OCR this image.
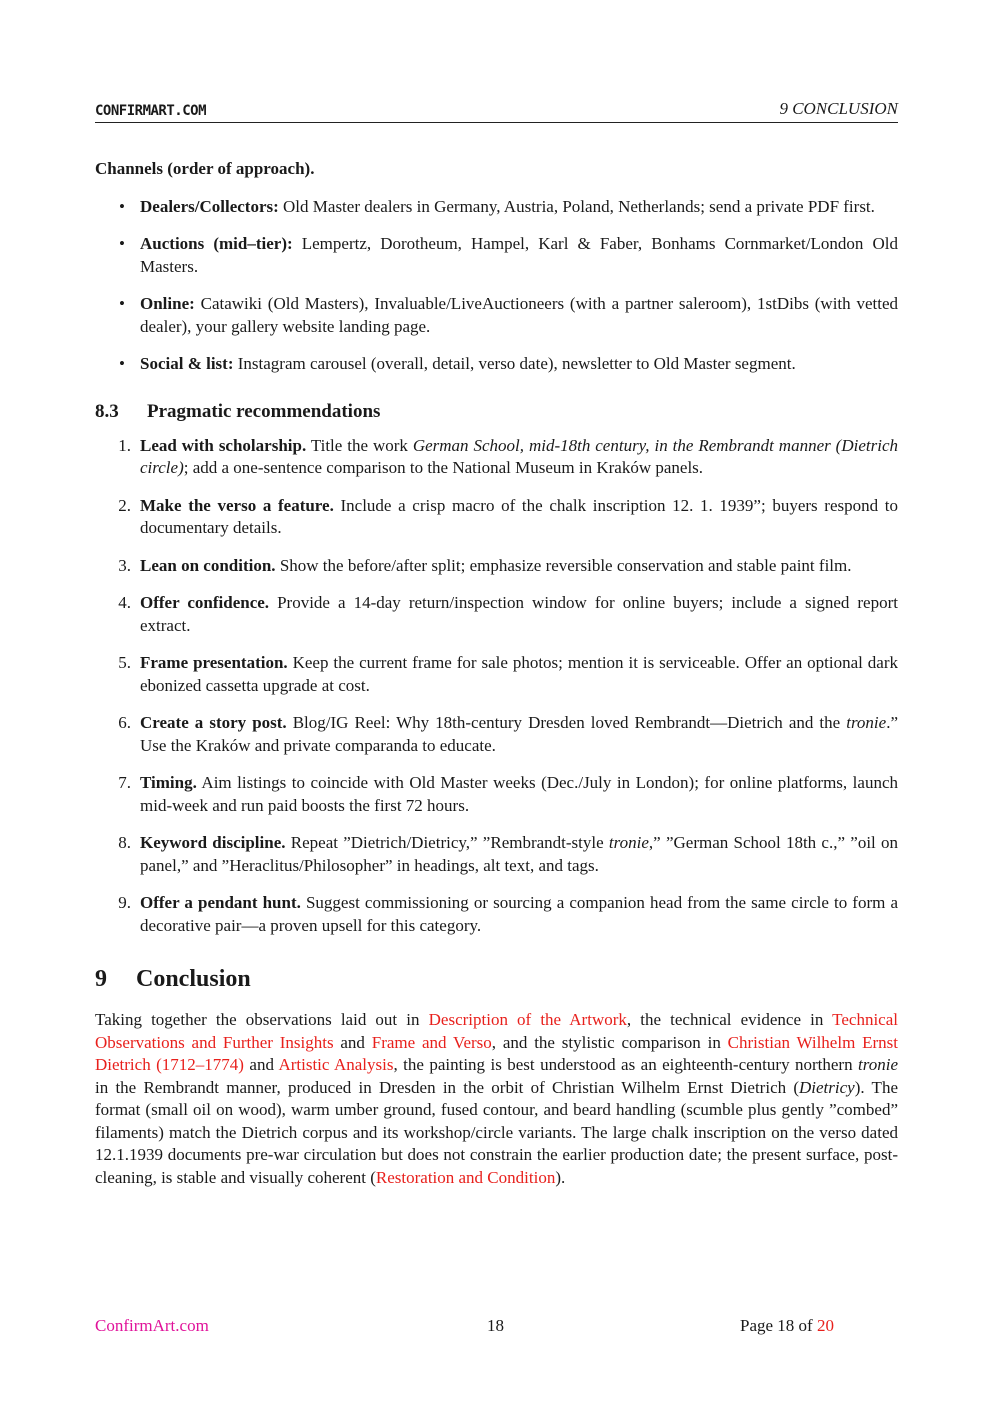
CONFIRMART.COM	9 CONCLUSION

Channels (order of approach).

• Dealers/Collectors: Old Master dealers in Germany, Austria, Poland, Netherlands; send a private PDF first.
• Auctions (mid–tier): Lempertz, Dorotheum, Hampel, Karl & Faber, Bonhams Cornmarket/London Old Masters.
• Online: Catawiki (Old Masters), Invaluable/LiveAuctioneers (with a partner saleroom), 1stDibs (with vetted dealer), your gallery website landing page.
• Social & list: Instagram carousel (overall, detail, verso date), newsletter to Old Master segment.
8.3 Pragmatic recommendations
1. Lead with scholarship. Title the work German School, mid-18th century, in the Rembrandt manner (Dietrich circle); add a one-sentence comparison to the National Museum in Kraków panels.
2. Make the verso a feature. Include a crisp macro of the chalk inscription 12. 1. 1939”; buyers respond to documentary details.
3. Lean on condition. Show the before/after split; emphasize reversible conservation and stable paint film.
4. Offer confidence. Provide a 14-day return/inspection window for online buyers; include a signed report extract.
5. Frame presentation. Keep the current frame for sale photos; mention it is serviceable. Offer an optional dark ebonized cassetta upgrade at cost.
6. Create a story post. Blog/IG Reel: Why 18th-century Dresden loved Rembrandt—Dietrich and the tronie.” Use the Kraków and private comparanda to educate.
7. Timing. Aim listings to coincide with Old Master weeks (Dec./July in London); for online platforms, launch mid-week and run paid boosts the first 72 hours.
8. Keyword discipline. Repeat ”Dietrich/Dietricy,” ”Rembrandt-style tronie,” ”German School 18th c.,” ”oil on panel,” and ”Heraclitus/Philosopher” in headings, alt text, and tags.
9. Offer a pendant hunt. Suggest commissioning or sourcing a companion head from the same circle to form a decorative pair—a proven upsell for this category.
9 Conclusion

Taking together the observations laid out in Description of the Artwork, the technical evidence in Technical Observations and Further Insights and Frame and Verso, and the stylistic comparison in Christian Wilhelm Ernst Dietrich (1712–1774) and Artistic Analysis, the painting is best understood as an eighteenth-century northern tronie in the Rembrandt manner, produced in Dresden in the orbit of Christian Wilhelm Ernst Dietrich (Dietricy). The format (small oil on wood), warm umber ground, fused contour, and beard handling (scumble plus gently ”combed” filaments) match the Dietrich corpus and its workshop/circle variants. The large chalk inscription on the verso dated 12.1.1939 documents pre-war circulation but does not constrain the earlier production date; the present surface, post-cleaning, is stable and visually coherent (Restoration and Condition).

ConfirmArt.com	18	Page 18 of 20
